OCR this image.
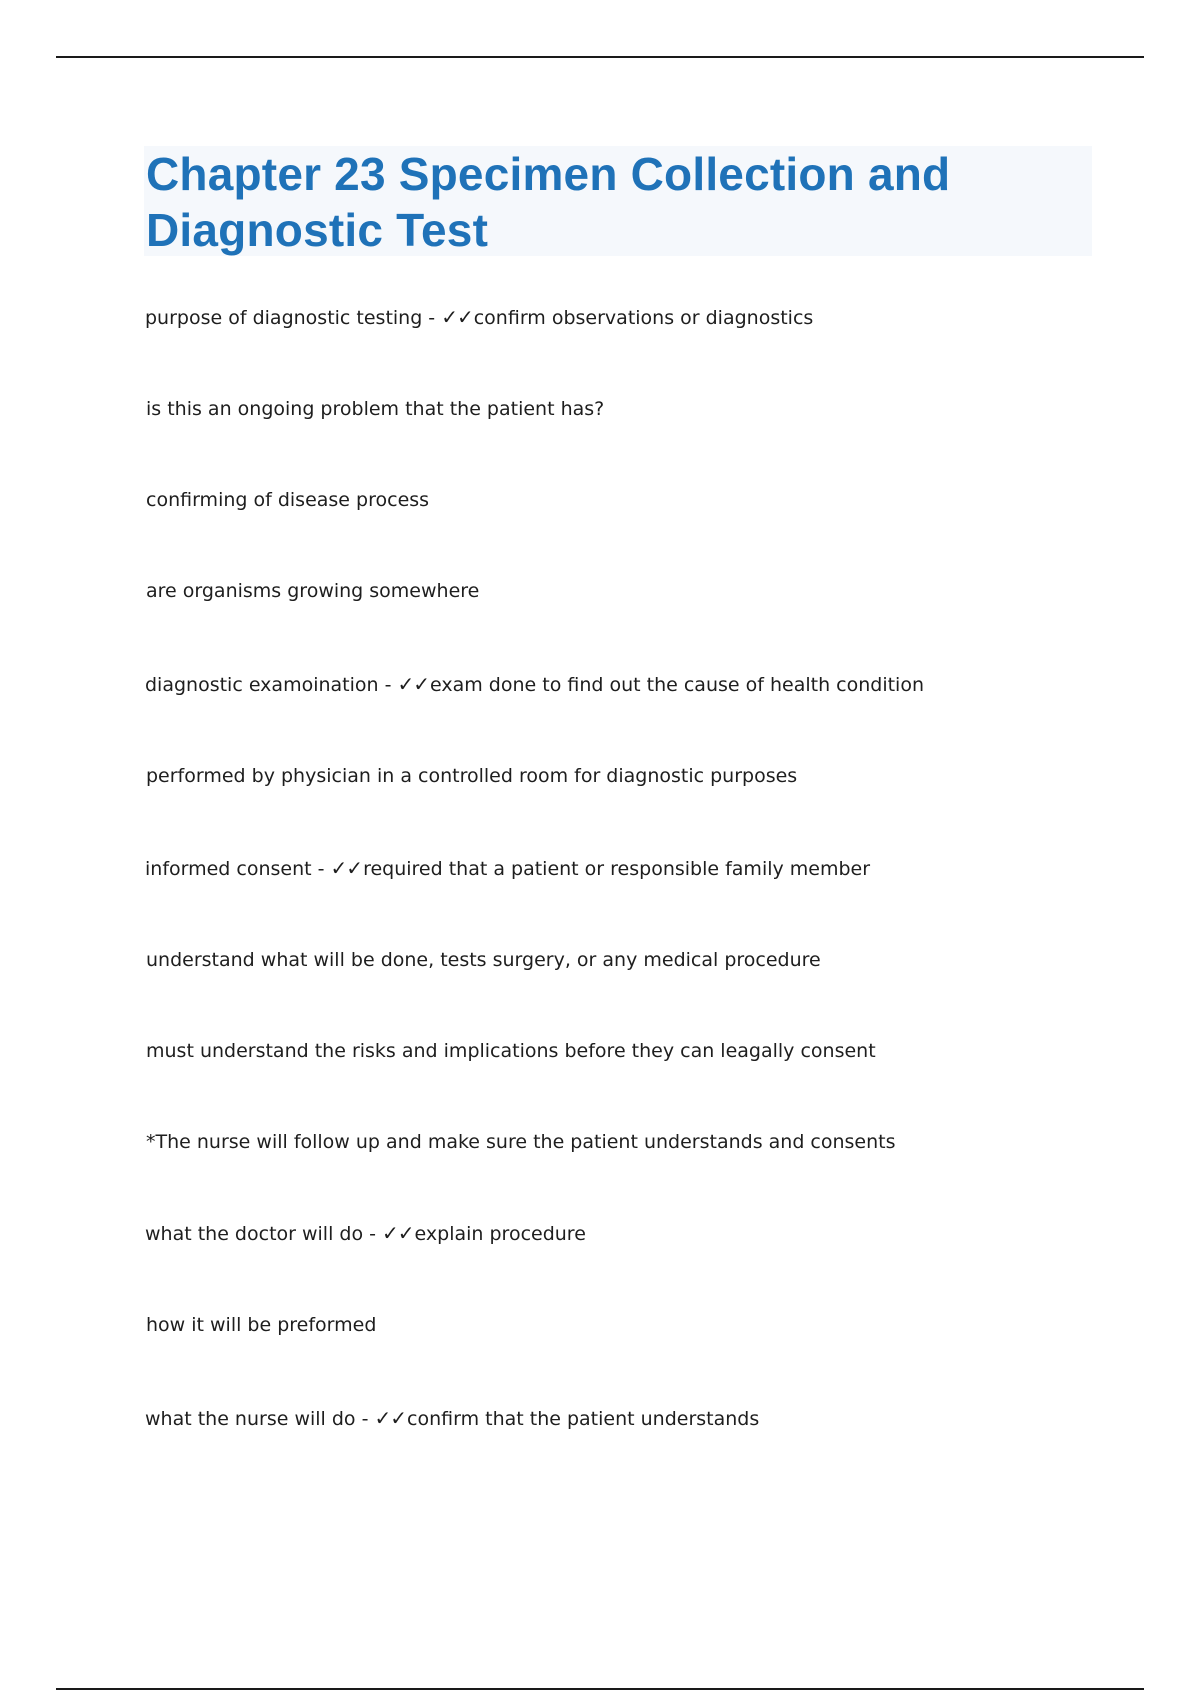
Chapter 23 Specimen Collection and Diagnostic Test
purpose of diagnostic testing - ✓✓confirm observations or diagnostics
is this an ongoing problem that the patient has?
confirming of disease process
are organisms growing somewhere
diagnostic examoination - ✓✓exam done to find out the cause of health condition
performed by physician in a controlled room for diagnostic purposes
informed consent - ✓✓required that a patient or responsible family member
understand what will be done, tests surgery, or any medical procedure
must understand the risks and implications before they can leagally consent
*The nurse will follow up and make sure the patient understands and consents
what the doctor will do - ✓✓explain procedure
how it will be preformed
what the nurse will do - ✓✓confirm that the patient understands
